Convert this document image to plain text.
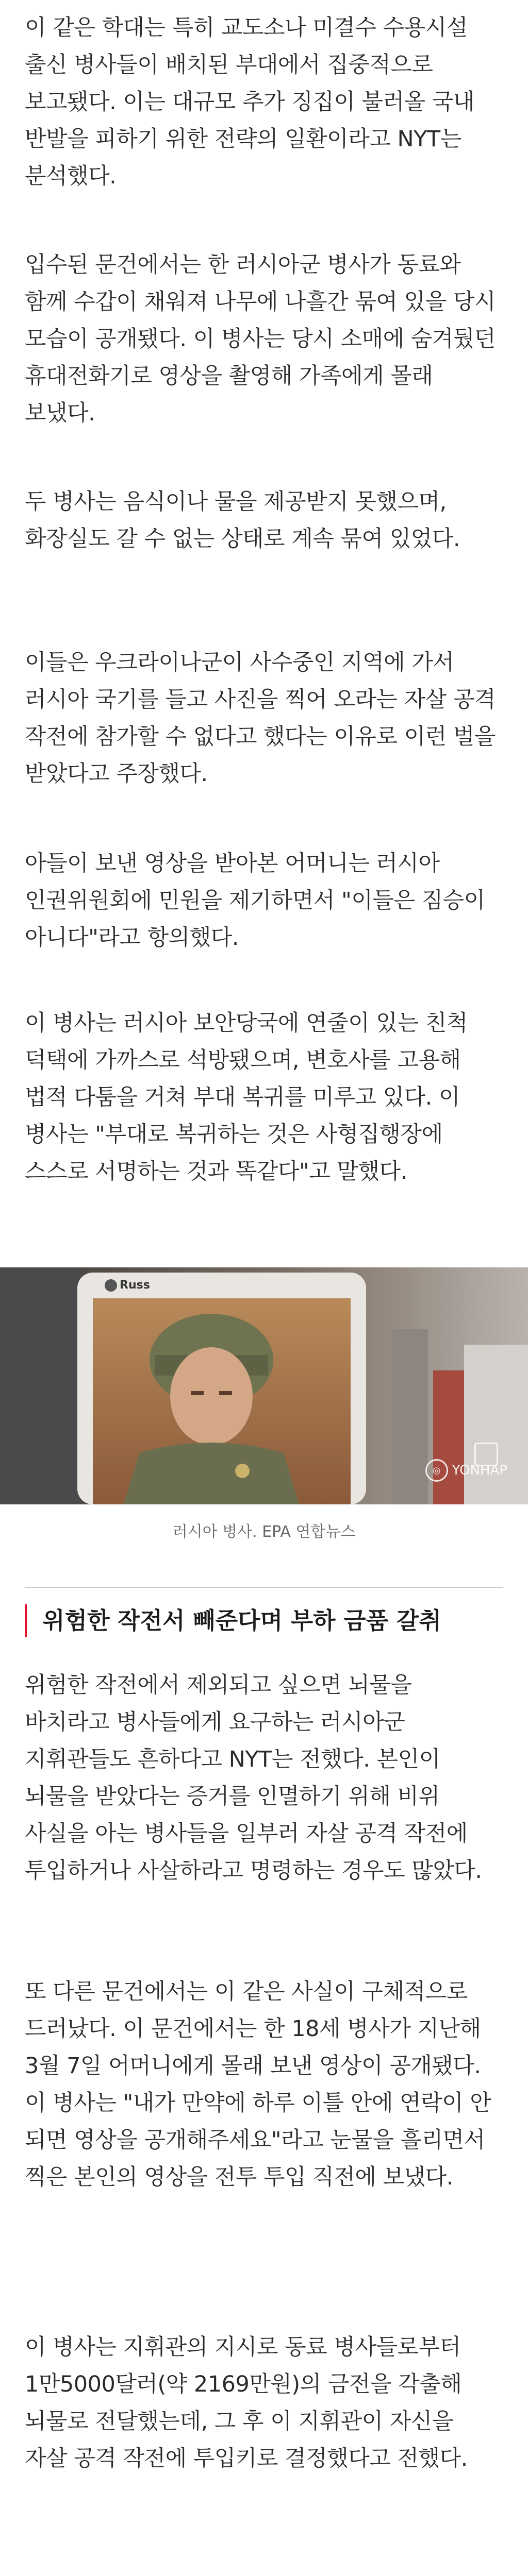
이 같은 학대는 특히 교도소나 미결수 수용시설 출신 병사들이 배치된 부대에서 집중적으로 보고됐다. 이는 대규모 추가 징집이 불러올 국내 반발을 피하기 위한 전략의 일환이라고 NYT는 분석했다.

입수된 문건에서는 한 러시아군 병사가 동료와 함께 수갑이 채워져 나무에 나흘간 묶여 있을 당시 모습이 공개됐다. 이 병사는 당시 소매에 숨겨뒀던 휴대전화기로 영상을 촬영해 가족에게 몰래 보냈다.

두 병사는 음식이나 물을 제공받지 못했으며, 화장실도 갈 수 없는 상태로 계속 묶여 있었다.

이들은 우크라이나군이 사수중인 지역에 가서 러시아 국기를 들고 사진을 찍어 오라는 자살 공격 작전에 참가할 수 없다고 했다는 이유로 이런 벌을 받았다고 주장했다.

아들이 보낸 영상을 받아본 어머니는 러시아 인권위원회에 민원을 제기하면서 "이들은 짐승이 아니다"라고 항의했다.

이 병사는 러시아 보안당국에 연줄이 있는 친척 덕택에 가까스로 석방됐으며, 변호사를 고용해 법적 다툼을 거쳐 부대 복귀를 미루고 있다. 이 병사는 "부대로 복귀하는 것은 사형집행장에 스스로 서명하는 것과 똑같다"고 말했다.

Russ
◎ YONHAP
러시아 병사. EPA 연합뉴스
위험한 작전서 빼준다며 부하 금품 갈취

위험한 작전에서 제외되고 싶으면 뇌물을 바치라고 병사들에게 요구하는 러시아군 지휘관들도 흔하다고 NYT는 전했다. 본인이 뇌물을 받았다는 증거를 인멸하기 위해 비위 사실을 아는 병사들을 일부러 자살 공격 작전에 투입하거나 사살하라고 명령하는 경우도 많았다.

또 다른 문건에서는 이 같은 사실이 구체적으로 드러났다. 이 문건에서는 한 18세 병사가 지난해 3월 7일 어머니에게 몰래 보낸 영상이 공개됐다. 이 병사는 "내가 만약에 하루 이틀 안에 연락이 안 되면 영상을 공개해주세요"라고 눈물을 흘리면서 찍은 본인의 영상을 전투 투입 직전에 보냈다.

이 병사는 지휘관의 지시로 동료 병사들로부터 1만5000달러(약 2169만원)의 금전을 각출해 뇌물로 전달했는데, 그 후 이 지휘관이 자신을 자살 공격 작전에 투입키로 결정했다고 전했다.
